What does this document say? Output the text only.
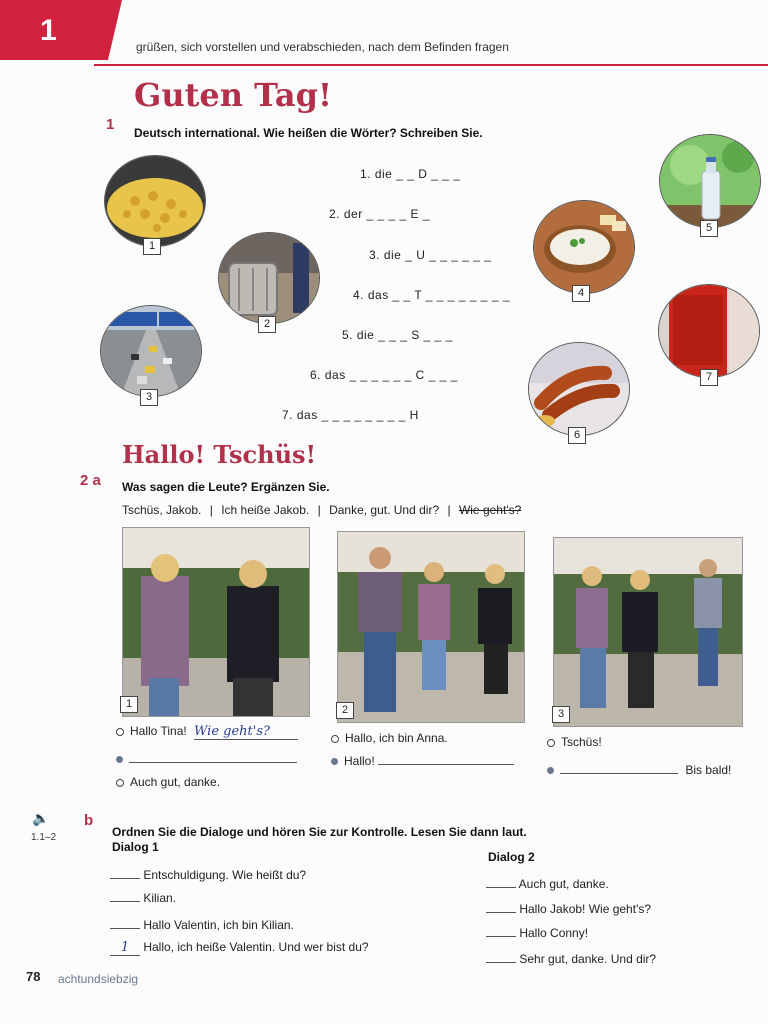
1	grüßen, sich vorstellen und verabschieden, nach dem Befinden fragen
Guten Tag!
1 Deutsch international. Wie heißen die Wörter? Schreiben Sie.
1
2
3
4
5
6
7
1. die _ _ D _ _ _
2. der _ _ _ _ E _
3. die _ U _ _ _ _ _ _
4. das _ _ T _ _ _ _ _ _ _ _
5. die _ _ _ S _ _ _
6. das _ _ _ _ _ _ C _ _ _
7. das _ _ _ _ _ _ _ _ H
Hallo! Tschüs!
2 a Was sagen die Leute? Ergänzen Sie.
Tschüs, Jakob. | Ich heiße Jakob. | Danke, gut. Und dir? | Wie geht's?
1	2	3
Hallo Tina! Wie geht's?
Auch gut, danke.
Hallo, ich bin Anna.
Hallo!
Tschüs!
Bis bald!
🔈
1.1–2
b
Ordnen Sie die Dialoge und hören Sie zur Kontrolle. Lesen Sie dann laut.
Dialog 1
Entschuldigung. Wie heißt du?
Kilian.
Hallo Valentin, ich bin Kilian.
1 Hallo, ich heiße Valentin. Und wer bist du?
Dialog 2
Auch gut, danke.
Hallo Jakob! Wie geht's?
Hallo Conny!
Sehr gut, danke. Und dir?
78 achtundsiebzig
